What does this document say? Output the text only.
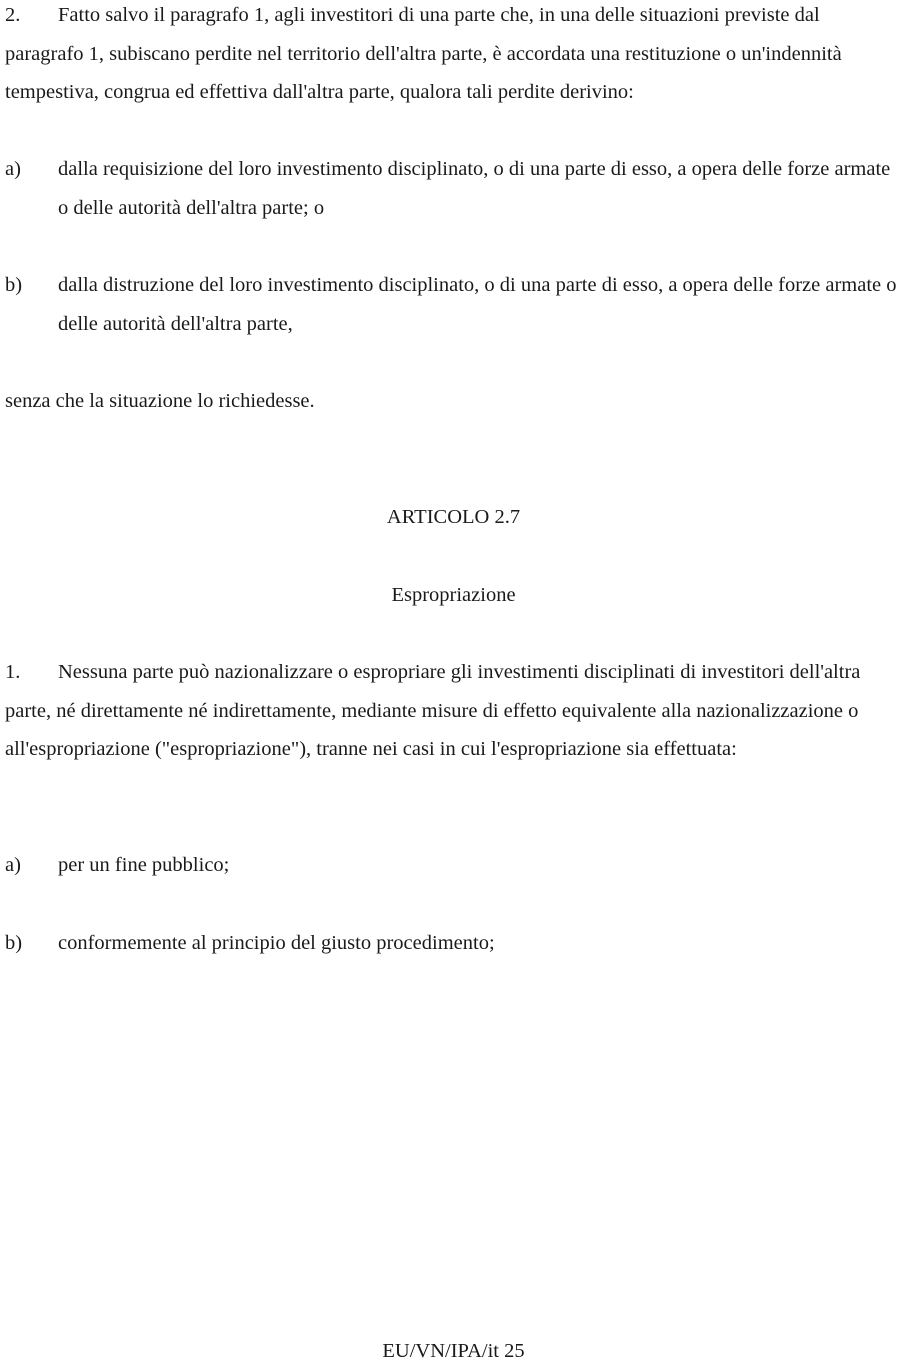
2. Fatto salvo il paragrafo 1, agli investitori di una parte che, in una delle situazioni previste dal paragrafo 1, subiscano perdite nel territorio dell'altra parte, è accordata una restituzione o un'indennità tempestiva, congrua ed effettiva dall'altra parte, qualora tali perdite derivino:

a)	dalla requisizione del loro investimento disciplinato, o di una parte di esso, a opera delle forze armate o delle autorità dell'altra parte; o
b)	dalla distruzione del loro investimento disciplinato, o di una parte di esso, a opera delle forze armate o delle autorità dell'altra parte,
senza che la situazione lo richiedesse.
ARTICOLO 2.7
Espropriazione

1. Nessuna parte può nazionalizzare o espropriare gli investimenti disciplinati di investitori dell'altra parte, né direttamente né indirettamente, mediante misure di effetto equivalente alla nazionalizzazione o all'espropriazione ("espropriazione"), tranne nei casi in cui l'espropriazione sia effettuata:

a)	per un fine pubblico;
b)	conformemente al principio del giusto procedimento;
EU/VN/IPA/it 25
